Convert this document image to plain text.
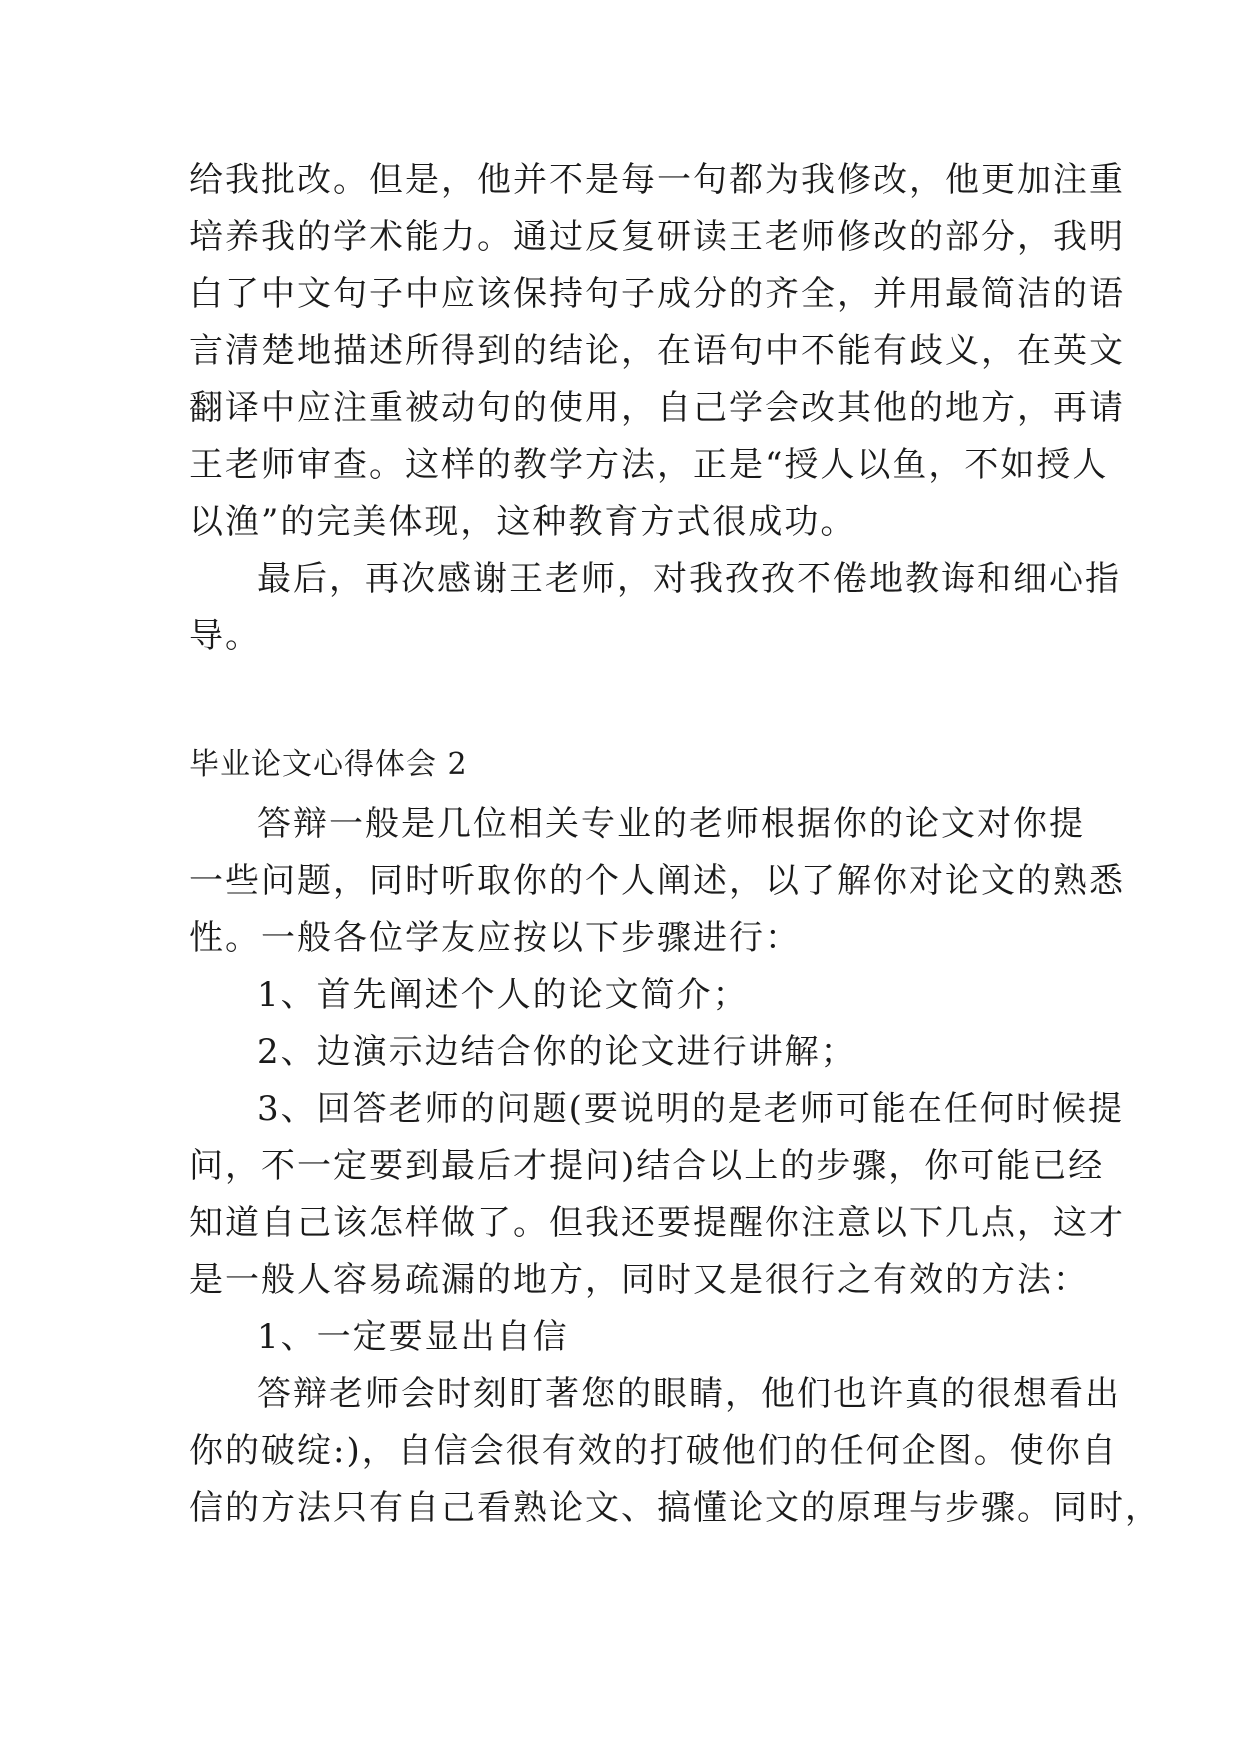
给我批改。但是，他并不是每一句都为我修改，他更加注重
培养我的学术能力。通过反复研读王老师修改的部分，我明
白了中文句子中应该保持句子成分的齐全，并用最简洁的语
言清楚地描述所得到的结论，在语句中不能有歧义，在英文
翻译中应注重被动句的使用，自己学会改其他的地方，再请
王老师审查。这样的教学方法，正是“授人以鱼，不如授人
以渔”的完美体现，这种教育方式很成功。
最后，再次感谢王老师，对我孜孜不倦地教诲和细心指
导。
毕业论文心得体会 2
答辩一般是几位相关专业的老师根据你的论文对你提
一些问题，同时听取你的个人阐述，以了解你对论文的熟悉
性。一般各位学友应按以下步骤进行：
1、首先阐述个人的论文简介；
2、边演示边结合你的论文进行讲解；
3、回答老师的问题(要说明的是老师可能在任何时候提
问，不一定要到最后才提问)结合以上的步骤，你可能已经
知道自己该怎样做了。但我还要提醒你注意以下几点，这才
是一般人容易疏漏的地方，同时又是很行之有效的方法：
1、一定要显出自信
答辩老师会时刻盯著您的眼睛，他们也许真的很想看出
你的破绽:)，自信会很有效的打破他们的任何企图。使你自
信的方法只有自己看熟论文、搞懂论文的原理与步骤。同时，
